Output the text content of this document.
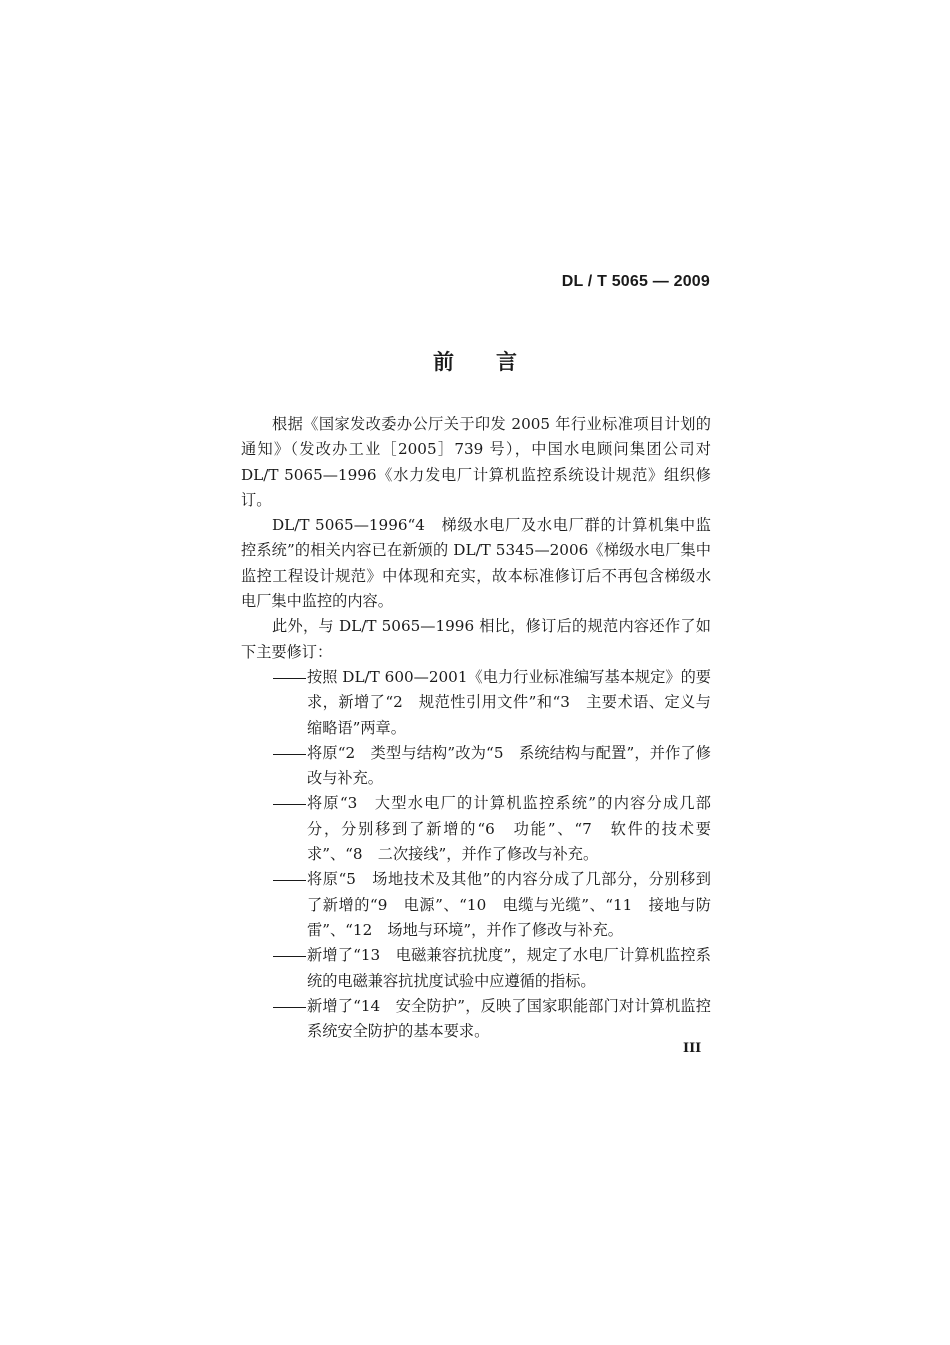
DL / T 5065 — 2009
前言

根据《国家发改委办公厅关于印发 2005 年行业标准项目计划的通知》（发改办工业［2005］739 号），中国水电顾问集团公司对 DL/T 5065—1996《水力发电厂计算机监控系统设计规范》组织修订。

DL/T 5065—1996“4　梯级水电厂及水电厂群的计算机集中监控系统”的相关内容已在新颁的 DL/T 5345—2006《梯级水电厂集中监控工程设计规范》中体现和充实，故本标准修订后不再包含梯级水电厂集中监控的内容。

此外，与 DL/T 5065—1996 相比，修订后的规范内容还作了如下主要修订：

按照 DL/T 600—2001《电力行业标准编写基本规定》的要求，新增了“2　规范性引用文件”和“3　主要术语、定义与缩略语”两章。
将原“2　类型与结构”改为“5　系统结构与配置”，并作了修改与补充。
将原“3　大型水电厂的计算机监控系统”的内容分成几部分，分别移到了新增的“6　功能”、“7　软件的技术要求”、“8　二次接线”，并作了修改与补充。
将原“5　场地技术及其他”的内容分成了几部分，分别移到了新增的“9　电源”、“10　电缆与光缆”、“11　接地与防雷”、“12　场地与环境”，并作了修改与补充。
新增了“13　电磁兼容抗扰度”，规定了水电厂计算机监控系统的电磁兼容抗扰度试验中应遵循的指标。
新增了“14　安全防护”，反映了国家职能部门对计算机监控系统安全防护的基本要求。
III
